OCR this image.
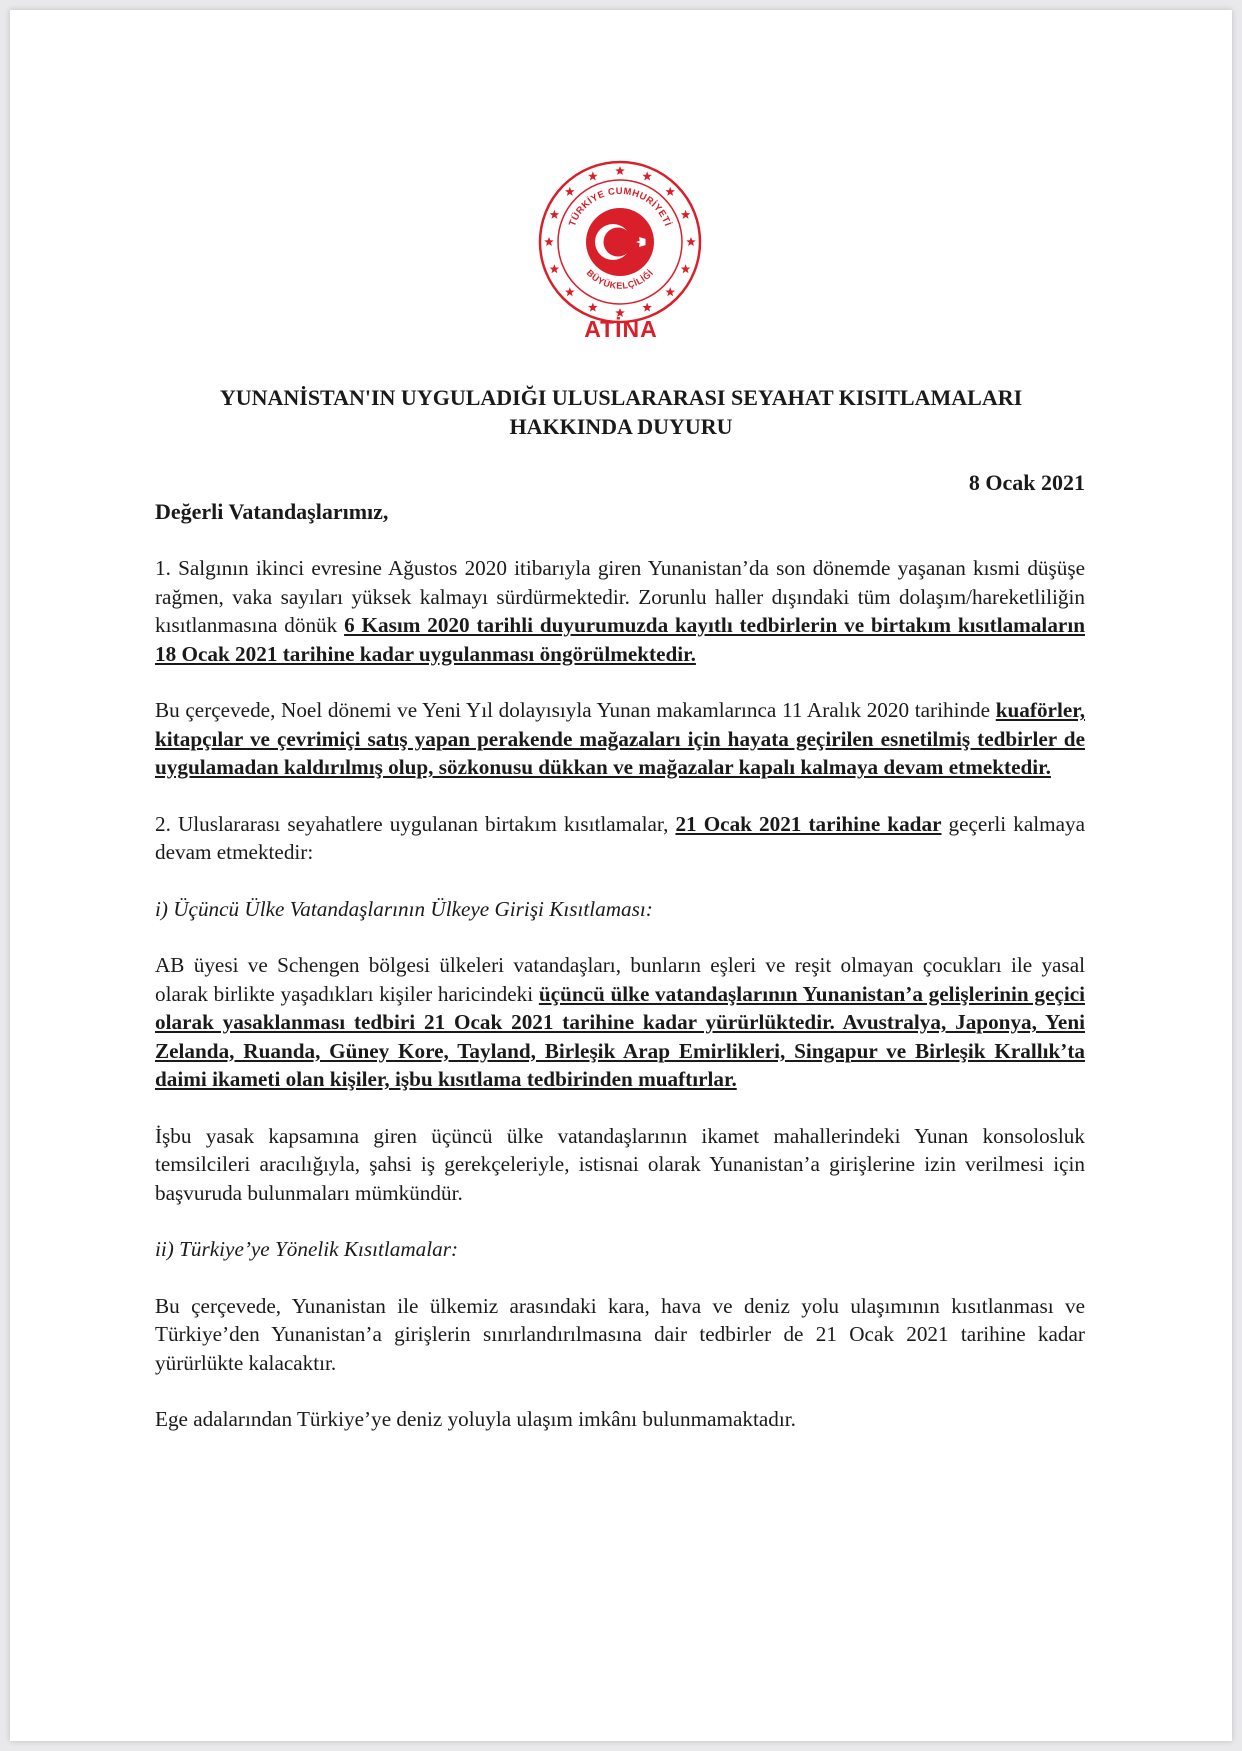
TÜRKİYE CUMHURİYETİ
BÜYÜKELÇİLİĞİ
ATİNA
YUNANİSTAN'IN UYGULADIĞI ULUSLARARASI SEYAHAT KISITLAMALARI
HAKKINDA DUYURU
8 Ocak 2021
Değerli Vatandaşlarımız,

1. Salgının ikinci evresine Ağustos 2020 itibarıyla giren Yunanistan’da son dönemde yaşanan kısmi düşüşe rağmen, vaka sayıları yüksek kalmayı sürdürmektedir. Zorunlu haller dışındaki tüm dolaşım/hareketliliğin kısıtlanmasına dönük 6 Kasım 2020 tarihli duyurumuzda kayıtlı tedbirlerin ve birtakım kısıtlamaların 18 Ocak 2021 tarihine kadar uygulanması öngörülmektedir.

Bu çerçevede, Noel dönemi ve Yeni Yıl dolayısıyla Yunan makamlarınca 11 Aralık 2020 tarihinde kuaförler, kitapçılar ve çevrimiçi satış yapan perakende mağazaları için hayata geçirilen esnetilmiş tedbirler de uygulamadan kaldırılmış olup, sözkonusu dükkan ve mağazalar kapalı kalmaya devam etmektedir.

2. Uluslararası seyahatlere uygulanan birtakım kısıtlamalar, 21 Ocak 2021 tarihine kadar geçerli kalmaya devam etmektedir:

i) Üçüncü Ülke Vatandaşlarının Ülkeye Girişi Kısıtlaması:

AB üyesi ve Schengen bölgesi ülkeleri vatandaşları, bunların eşleri ve reşit olmayan çocukları ile yasal olarak birlikte yaşadıkları kişiler haricindeki üçüncü ülke vatandaşlarının Yunanistan’a gelişlerinin geçici olarak yasaklanması tedbiri 21 Ocak 2021 tarihine kadar yürürlüktedir. Avustralya, Japonya, Yeni Zelanda, Ruanda, Güney Kore, Tayland, Birleşik Arap Emirlikleri, Singapur ve Birleşik Krallık’ta daimi ikameti olan kişiler, işbu kısıtlama tedbirinden muaftırlar.

İşbu yasak kapsamına giren üçüncü ülke vatandaşlarının ikamet mahallerindeki Yunan konsolosluk temsilcileri aracılığıyla, şahsi iş gerekçeleriyle, istisnai olarak Yunanistan’a girişlerine izin verilmesi için başvuruda bulunmaları mümkündür.

ii) Türkiye’ye Yönelik Kısıtlamalar:

Bu çerçevede, Yunanistan ile ülkemiz arasındaki kara, hava ve deniz yolu ulaşımının kısıtlanması ve Türkiye’den Yunanistan’a girişlerin sınırlandırılmasına dair tedbirler de 21 Ocak 2021 tarihine kadar yürürlükte kalacaktır.

Ege adalarından Türkiye’ye deniz yoluyla ulaşım imkânı bulunmamaktadır.
